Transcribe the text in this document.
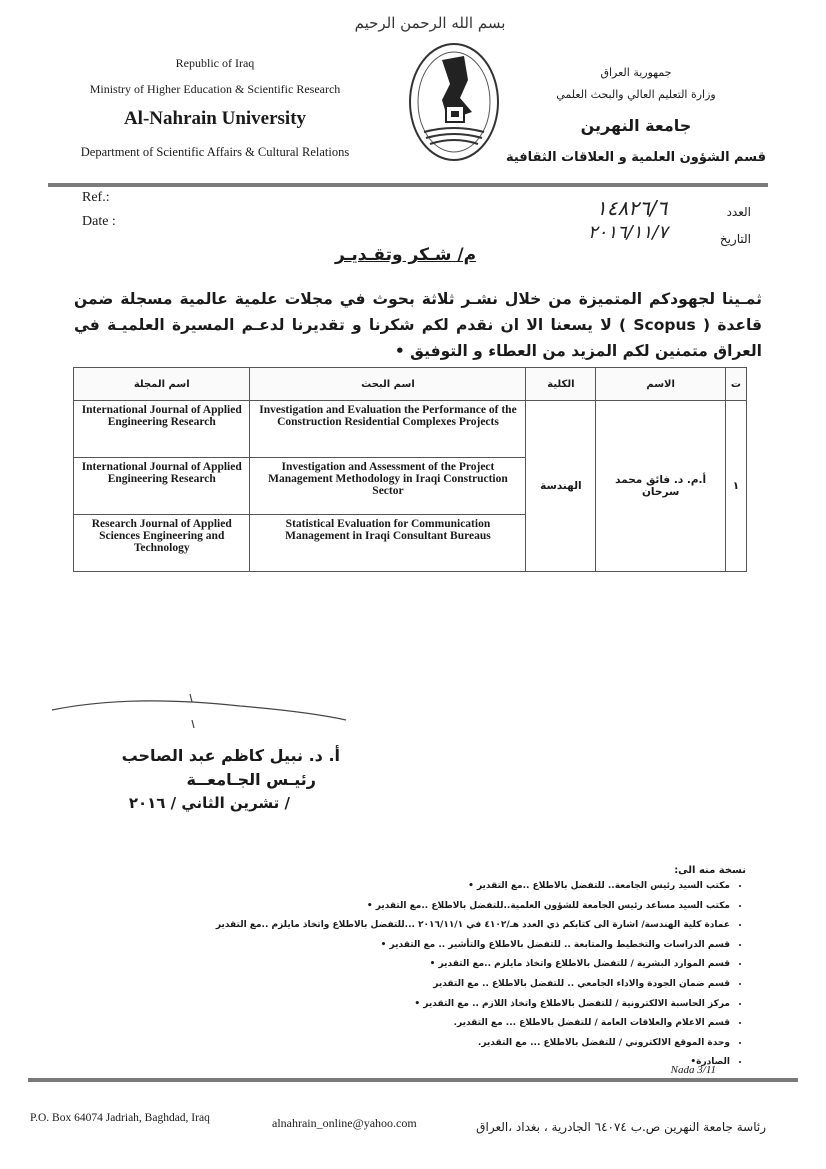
بسم الله الرحمن الرحيم
Republic of Iraq
Ministry of Higher Education & Scientific Research
Al-Nahrain University
Department of Scientific Affairs & Cultural Relations
جمهورية العراق
وزارة التعليم العالي والبحث العلمي
جامعة النهرين
قسم الشؤون العلمية و العلاقات الثقافية
Ref.:
Date :
العدد
التاريخ
١٤٨٢٦/٦
٢٠١٦/١١/٧
م/ شـكر وتقـديـر
ثمـينا لجهودكم المتميزة من خلال نشـر ثلاثة بحوث في مجلات علمية عالمية مسجلة ضمن قاعدة ( Scopus ) لا يسعنا الا ان نقدم لكم شكرنا و تقديرنا لدعـم المسيرة العلميـة في العراق متمنين لكم المزيد من العطاء و التوفيق •
اسم المجلة	اسم البحث	الكلية	الاسم	ت
International Journal of Applied Engineering Research	Investigation and Evaluation the Performance of the Construction Residential Complexes Projects	الهندسة	أ.م. د. فائق محمد سرحان	١
International Journal of Applied Engineering Research	Investigation and Assessment of the Project Management Methodology in Iraqi Construction Sector			
Research Journal of Applied Sciences Engineering and Technology	Statistical Evaluation for Communication Management in Iraqi Consultant Bureaus			
أ. د. نبيل كاظم عبد الصاحب
رئيـس الجـامعــة
/ تشرين الثاني / ٢٠١٦
نسخة منه الى:
• مكتب السيد رئيس الجامعة.. للتفضل بالاطلاع ..مع التقدير •
• مكتب السيد مساعد رئيس الجامعة للشؤون العلمية..للتفضل بالاطلاع ..مع التقدير •
• عمادة كلية الهندسة/ اشارة الى كتابكم ذي العدد هـ/٤١٠٢ في ٢٠١٦/١١/١ ...للتفضل بالاطلاع واتخاذ مايلزم ..مع التقدير
• قسم الدراسات والتخطيط والمتابعة .. للتفضل بالاطلاع والتأشير .. مع التقدير •
• قسم الموارد البشرية / للتفضل بالاطلاع واتخاذ مايلزم ..مع التقدير •
• قسم ضمان الجودة والاداء الجامعي .. للتفضل بالاطلاع .. مع التقدير
• مركز الحاسبة الالكترونية / للتفضل بالاطلاع واتخاذ اللازم .. مع التقدير •
• قسم الاعلام والعلاقات العامة / للتفضل بالاطلاع ... مع التقدير.
• وحدة الموقع الالكتروني / للتفضل بالاطلاع ... مع التقدير.
• الصادرة•
Nada 3/11
P.O. Box 64074 Jadriah, Baghdad, Iraq	alnahrain_online@yahoo.com	رئاسة جامعة النهرين ص.ب ٦٤٠٧٤ الجادرية ، بغداد ،العراق
